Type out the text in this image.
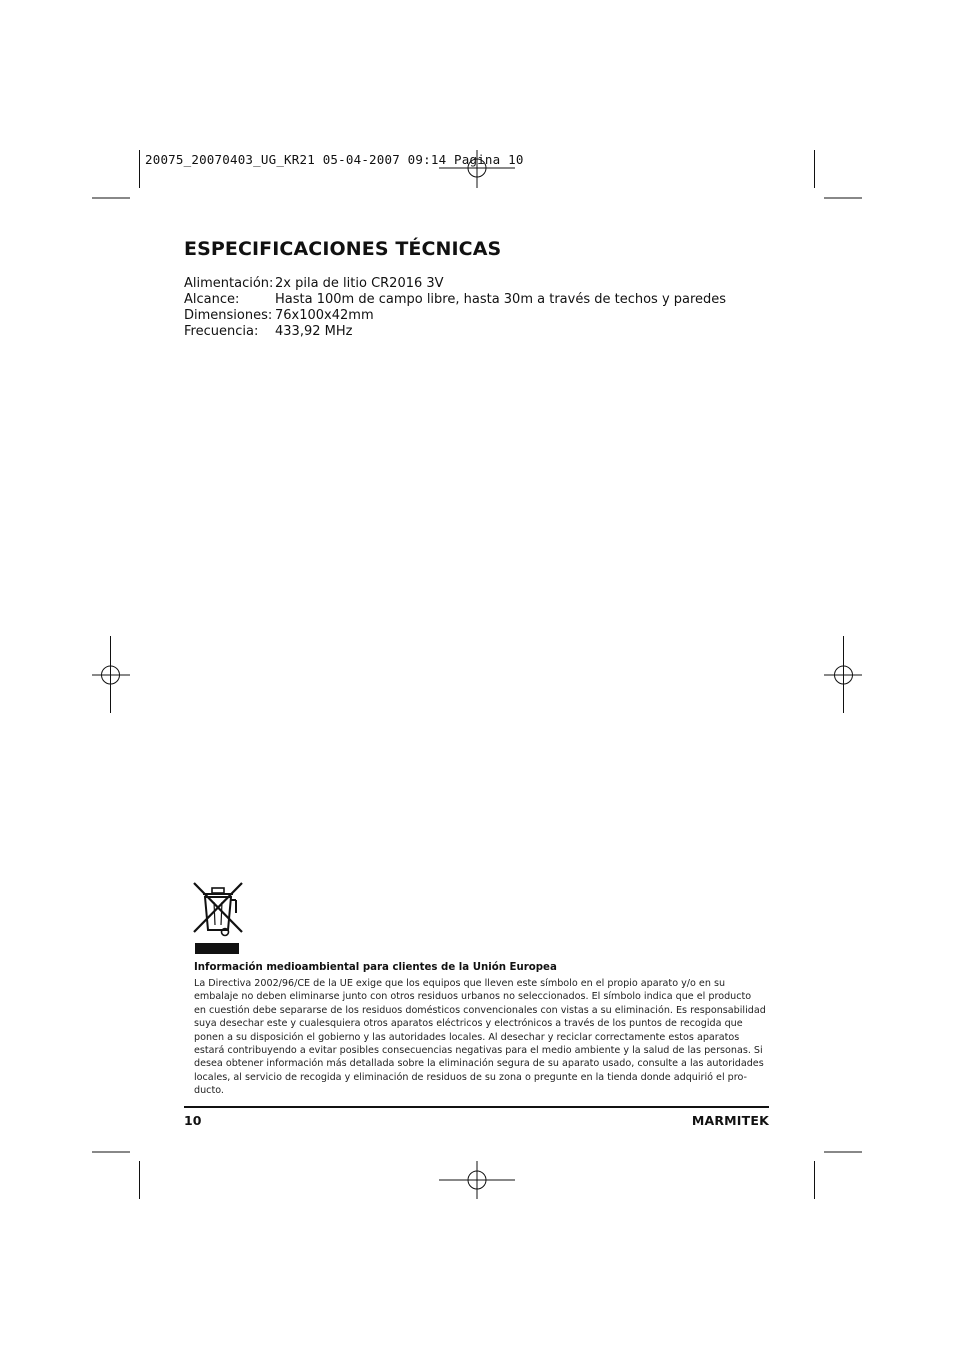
20075_20070403_UG_KR21 05-04-2007 09:14 Pagina 10
ESPECIFICACIONES TÉCNICAS
Alimentación:	2x pila de litio CR2016 3V
Alcance:	Hasta 100m de campo libre, hasta 30m a través de techos y paredes
Dimensiones:	76x100x42mm
Frecuencia:	433,92 MHz
Información medioambiental para clientes de la Unión Europea

La Directiva 2002/96/CE de la UE exige que los equipos que lleven este símbolo en el propio aparato y/o en su
embalaje no deben eliminarse junto con otros residuos urbanos no seleccionados. El símbolo indica que el producto
en cuestión debe separarse de los residuos domésticos convencionales con vistas a su eliminación. Es responsabilidad
suya desechar este y cualesquiera otros aparatos eléctricos y electrónicos a través de los puntos de recogida que
ponen a su disposición el gobierno y las autoridades locales. Al desechar y reciclar correctamente estos aparatos
estará contribuyendo a evitar posibles consecuencias negativas para el medio ambiente y la salud de las personas. Si
desea obtener información más detallada sobre la eliminación segura de su aparato usado, consulte a las autoridades
locales, al servicio de recogida y eliminación de residuos de su zona o pregunte en la tienda donde adquirió el pro-
ducto.

10	MARMITEK
